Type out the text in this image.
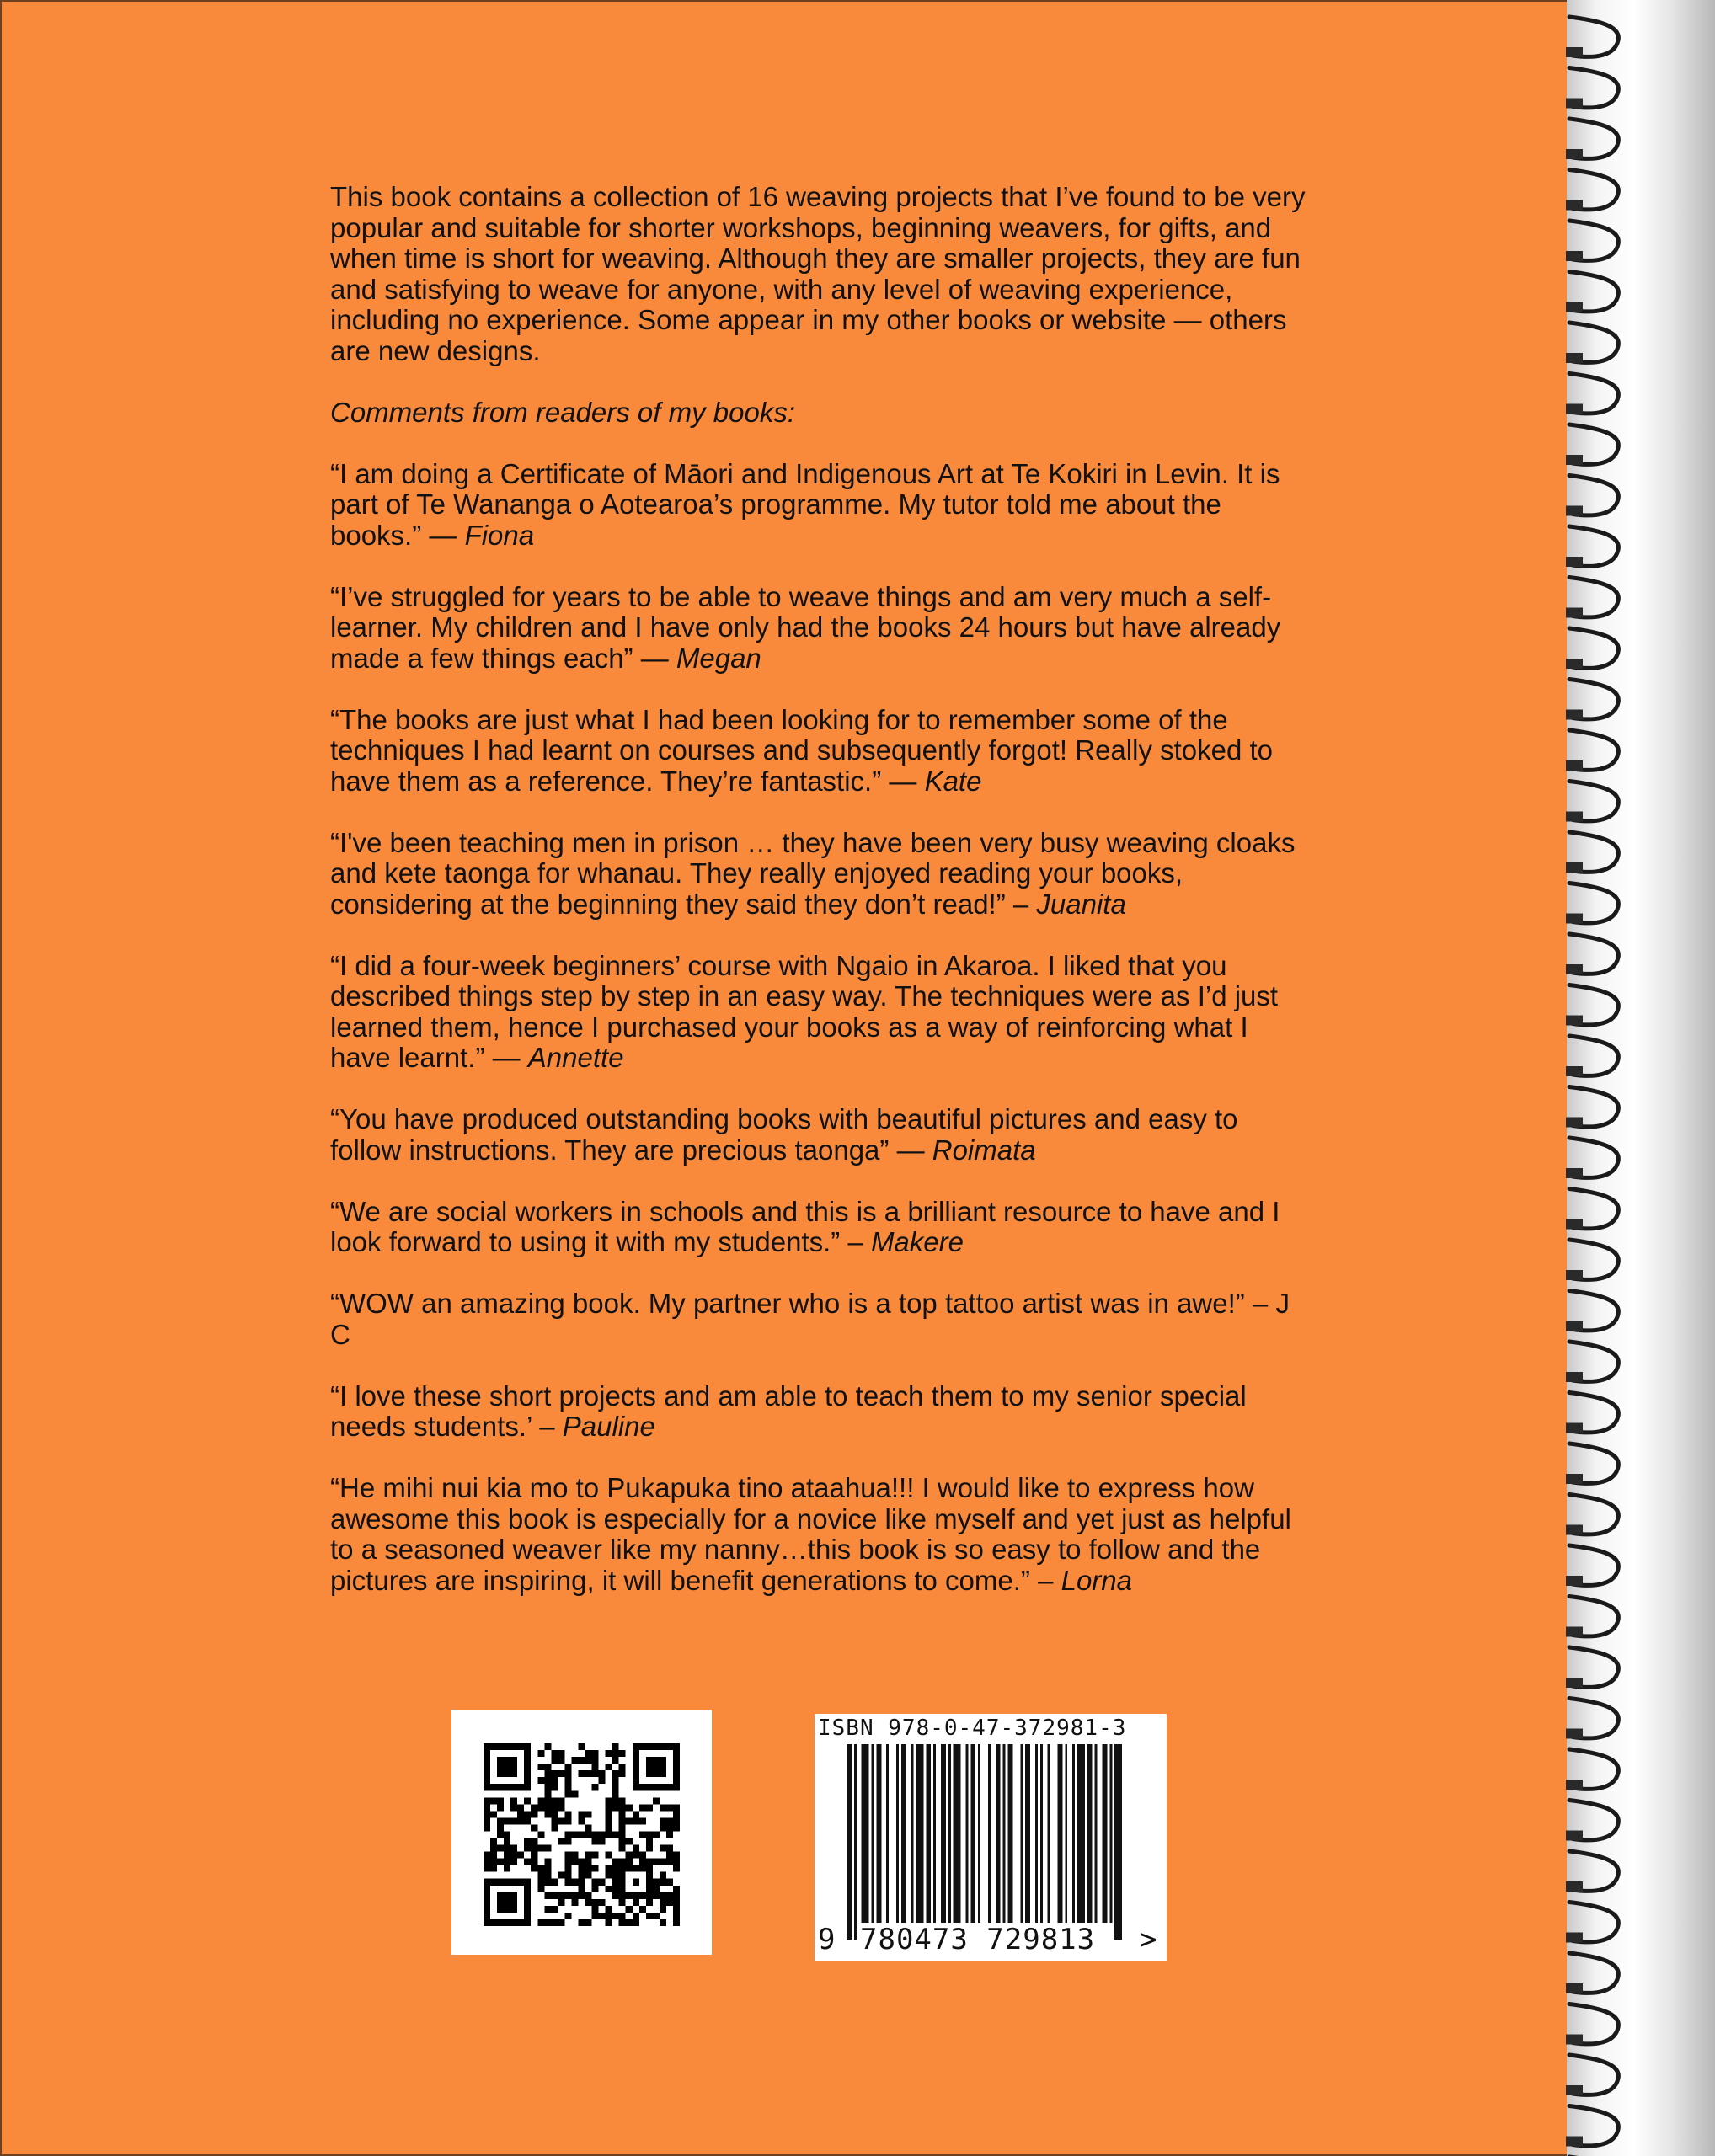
This book contains a collection of 16 weaving projects that I’ve found to be very popular and suitable for shorter workshops, beginning weavers, for gifts, and when time is short for weaving. Although they are smaller projects, they are fun and satisfying to weave for anyone, with any level of weaving experience, including no experience. Some appear in my other books or website — others are new designs.

Comments from readers of my books:

“I am doing a Certificate of Māori and Indigenous Art at Te Kokiri in Levin. It is part of Te Wananga o Aotearoa’s programme. My tutor told me about the books.” — Fiona

“I’ve struggled for years to be able to weave things and am very much a self-learner. My children and I have only had the books 24 hours but have already made a few things each” — Megan

“The books are just what I had been looking for to remember some of the techniques I had learnt on courses and subsequently forgot! Really stoked to have them as a reference. They’re fantastic.” — Kate

“I've been teaching men in prison … they have been very busy weaving cloaks and kete taonga for whanau. They really enjoyed reading your books, considering at the beginning they said they don’t read!” – Juanita

“I did a four-week beginners’ course with Ngaio in Akaroa. I liked that you described things step by step in an easy way. The techniques were as I’d just learned them, hence I purchased your books as a way of reinforcing what I have learnt.” — Annette

“You have produced outstanding books with beautiful pictures and easy to follow instructions. They are precious taonga” — Roimata

“We are social workers in schools and this is a brilliant resource to have and I look forward to using it with my students.” – Makere

“WOW an amazing book. My partner who is a top tattoo artist was in awe!” – J C

“I love these short projects and am able to teach them to my senior special needs students.’ – Pauline

“He mihi nui kia mo to Pukapuka tino ataahua!!! I would like to express how awesome this book is especially for a novice like myself and yet just as helpful to a seasoned weaver like my nanny…this book is so easy to follow and the pictures are inspiring, it will benefit generations to come.” – Lorna

ISBN 978-0-47-372981-3
9 780473 729813 >
